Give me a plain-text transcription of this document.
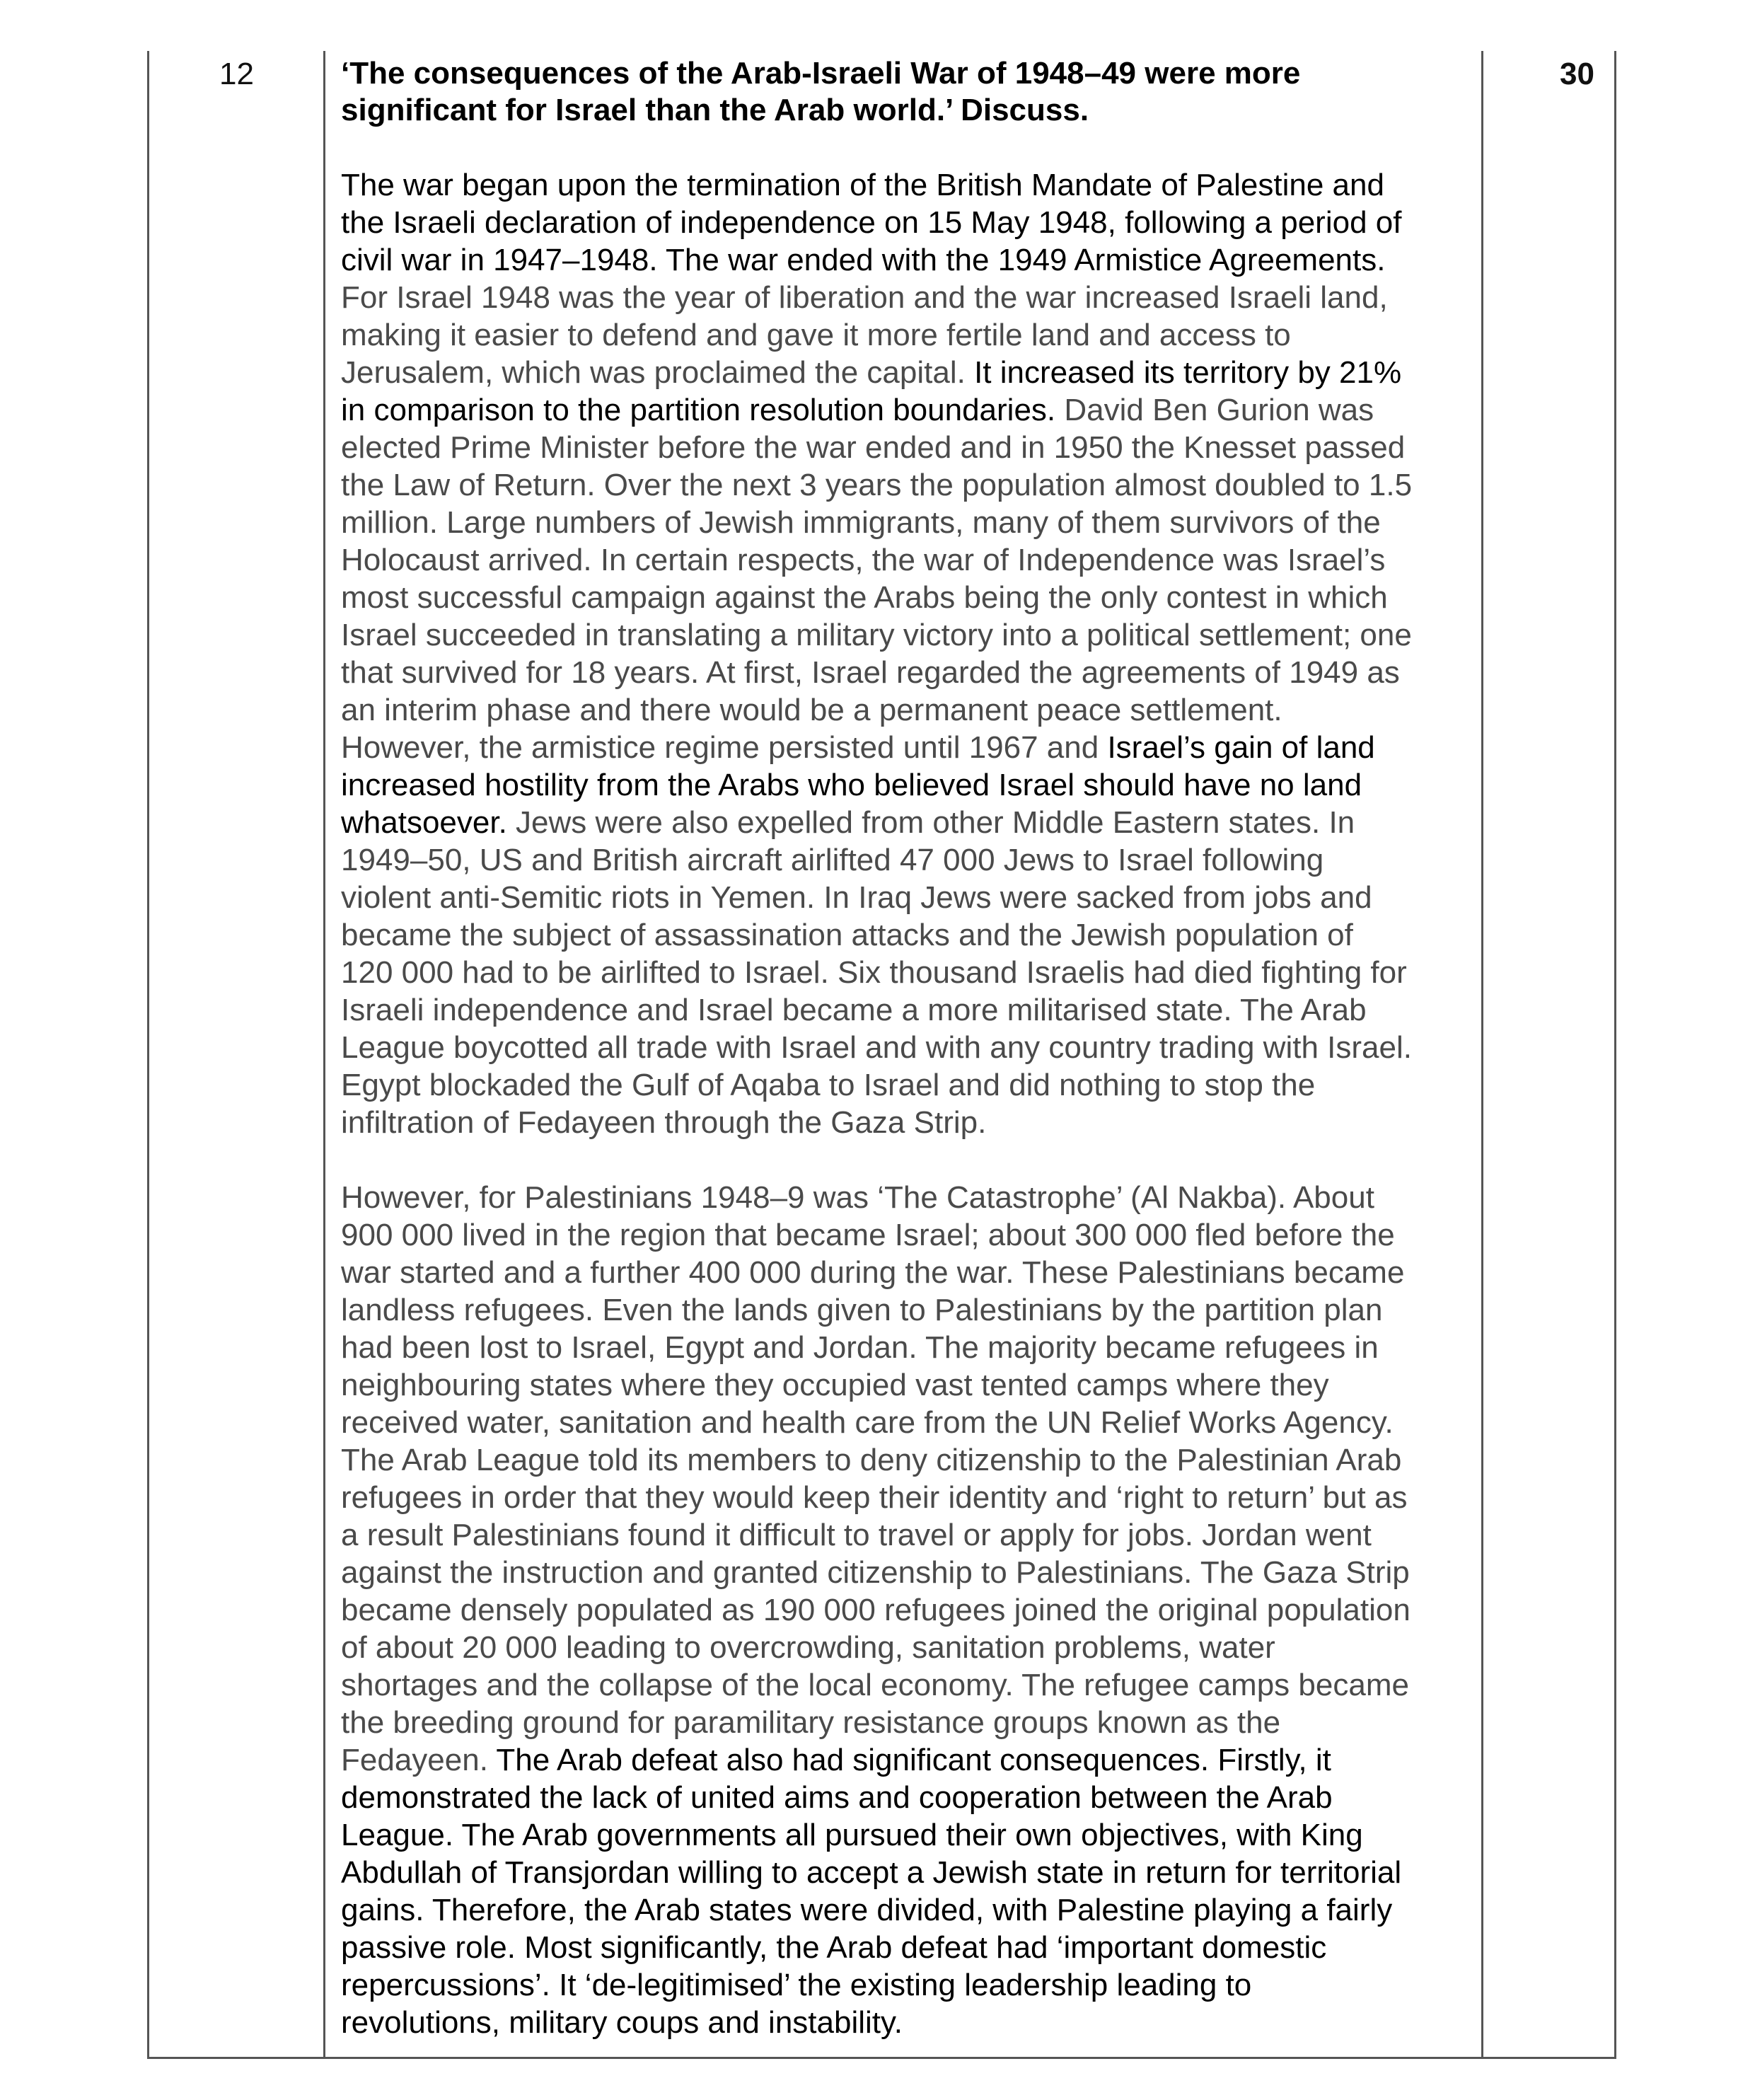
12	30

‘The consequences of the Arab-Israeli War of 1948–49 were more
significant for Israel than the Arab world.’ Discuss.

The war began upon the termination of the British Mandate of Palestine and
the Israeli declaration of independence on 15 May 1948, following a period of
civil war in 1947–1948. The war ended with the 1949 Armistice Agreements.
For Israel 1948 was the year of liberation and the war increased Israeli land,
making it easier to defend and gave it more fertile land and access to
Jerusalem, which was proclaimed the capital. It increased its territory by 21%
in comparison to the partition resolution boundaries. David Ben Gurion was
elected Prime Minister before the war ended and in 1950 the Knesset passed
the Law of Return. Over the next 3 years the population almost doubled to 1.5
million. Large numbers of Jewish immigrants, many of them survivors of the
Holocaust arrived. In certain respects, the war of Independence was Israel’s
most successful campaign against the Arabs being the only contest in which
Israel succeeded in translating a military victory into a political settlement; one
that survived for 18 years. At first, Israel regarded the agreements of 1949 as
an interim phase and there would be a permanent peace settlement.
However, the armistice regime persisted until 1967 and Israel’s gain of land
increased hostility from the Arabs who believed Israel should have no land
whatsoever. Jews were also expelled from other Middle Eastern states. In
1949–50, US and British aircraft airlifted 47 000 Jews to Israel following
violent anti-Semitic riots in Yemen. In Iraq Jews were sacked from jobs and
became the subject of assassination attacks and the Jewish population of
120 000 had to be airlifted to Israel. Six thousand Israelis had died fighting for
Israeli independence and Israel became a more militarised state. The Arab
League boycotted all trade with Israel and with any country trading with Israel.
Egypt blockaded the Gulf of Aqaba to Israel and did nothing to stop the
infiltration of Fedayeen through the Gaza Strip.

However, for Palestinians 1948–9 was ‘The Catastrophe’ (Al Nakba). About
900 000 lived in the region that became Israel; about 300 000 fled before the
war started and a further 400 000 during the war. These Palestinians became
landless refugees. Even the lands given to Palestinians by the partition plan
had been lost to Israel, Egypt and Jordan. The majority became refugees in
neighbouring states where they occupied vast tented camps where they
received water, sanitation and health care from the UN Relief Works Agency.
The Arab League told its members to deny citizenship to the Palestinian Arab
refugees in order that they would keep their identity and ‘right to return’ but as
a result Palestinians found it difficult to travel or apply for jobs. Jordan went
against the instruction and granted citizenship to Palestinians. The Gaza Strip
became densely populated as 190 000 refugees joined the original population
of about 20 000 leading to overcrowding, sanitation problems, water
shortages and the collapse of the local economy. The refugee camps became
the breeding ground for paramilitary resistance groups known as the
Fedayeen. The Arab defeat also had significant consequences. Firstly, it
demonstrated the lack of united aims and cooperation between the Arab
League. The Arab governments all pursued their own objectives, with King
Abdullah of Transjordan willing to accept a Jewish state in return for territorial
gains. Therefore, the Arab states were divided, with Palestine playing a fairly
passive role. Most significantly, the Arab defeat had ‘important domestic
repercussions’. It ‘de-legitimised’ the existing leadership leading to
revolutions, military coups and instability.
